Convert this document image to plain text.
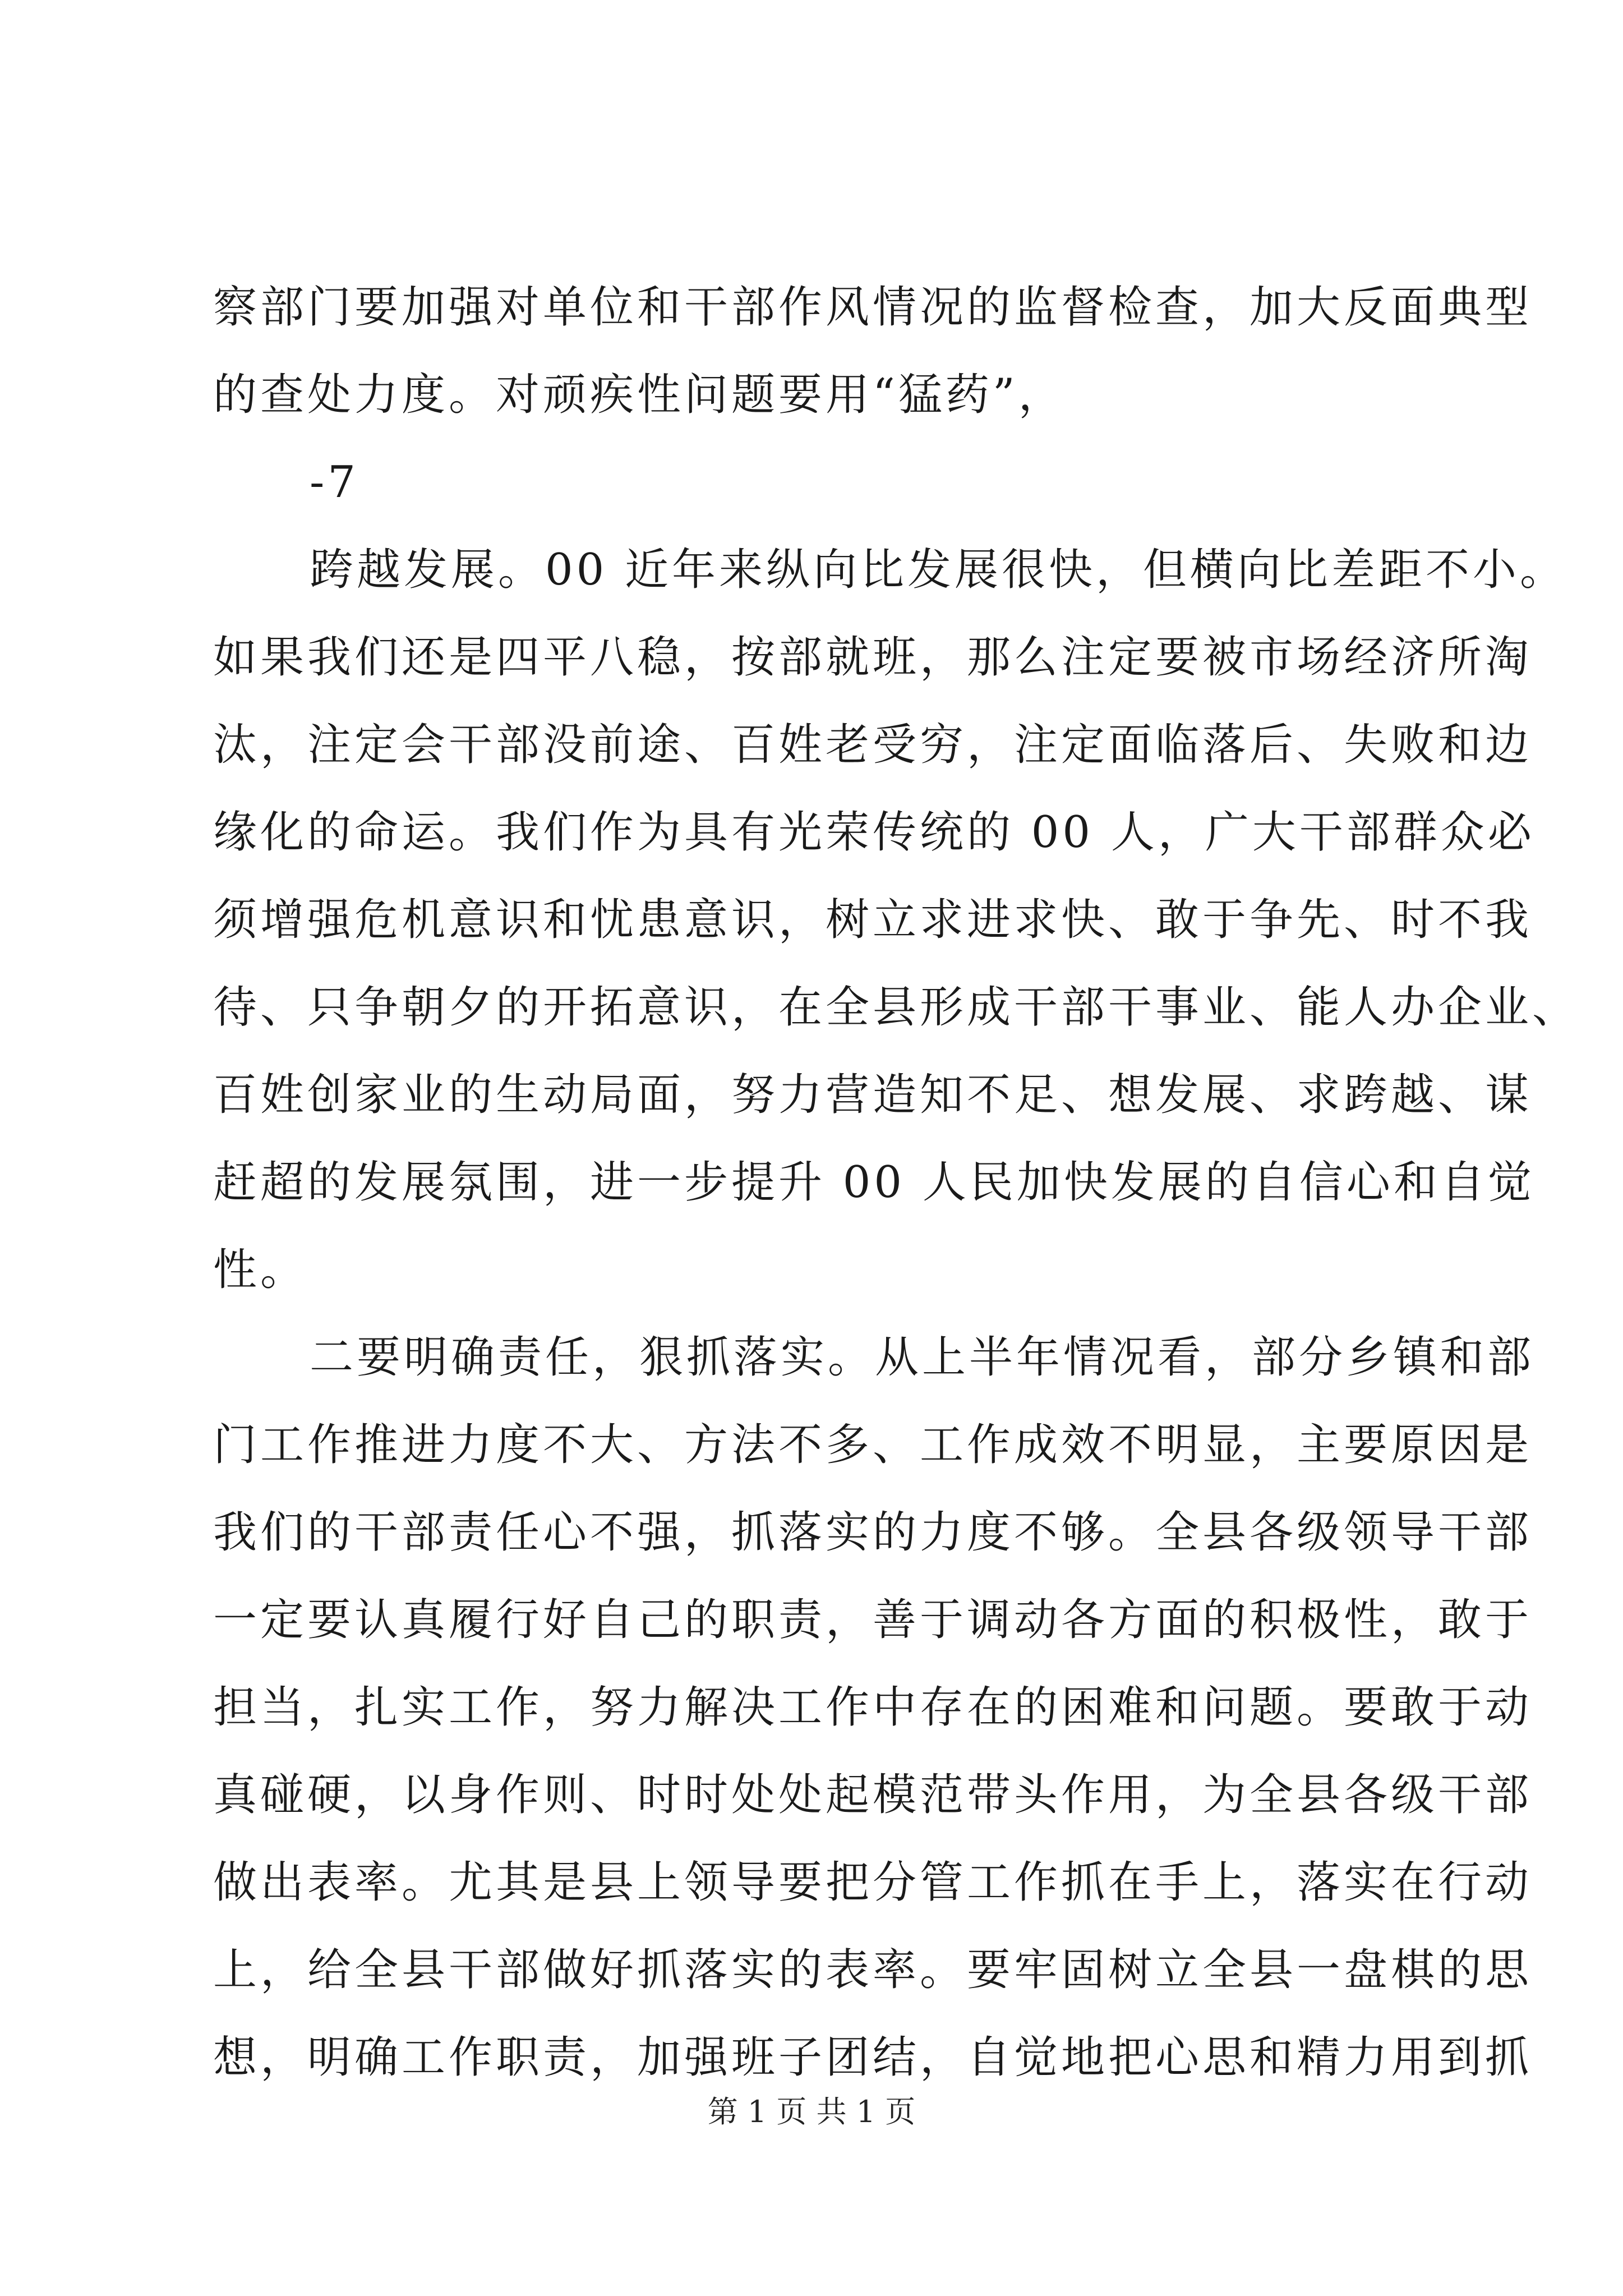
察部门要加强对单位和干部作风情况的监督检查，加大反面典型
的查处力度。对顽疾性问题要用“猛药”，
-7
跨越发展。00 近年来纵向比发展很快，但横向比差距不小。
如果我们还是四平八稳，按部就班，那么注定要被市场经济所淘
汰，注定会干部没前途、百姓老受穷，注定面临落后、失败和边
缘化的命运。我们作为具有光荣传统的 00 人，广大干部群众必
须增强危机意识和忧患意识，树立求进求快、敢于争先、时不我
待、只争朝夕的开拓意识，在全县形成干部干事业、能人办企业、
百姓创家业的生动局面，努力营造知不足、想发展、求跨越、谋
赶超的发展氛围，进一步提升 00 人民加快发展的自信心和自觉
性。
二要明确责任，狠抓落实。从上半年情况看，部分乡镇和部
门工作推进力度不大、方法不多、工作成效不明显，主要原因是
我们的干部责任心不强，抓落实的力度不够。全县各级领导干部
一定要认真履行好自己的职责，善于调动各方面的积极性，敢于
担当，扎实工作，努力解决工作中存在的困难和问题。要敢于动
真碰硬，以身作则、时时处处起模范带头作用，为全县各级干部
做出表率。尤其是县上领导要把分管工作抓在手上，落实在行动
上，给全县干部做好抓落实的表率。要牢固树立全县一盘棋的思
想，明确工作职责，加强班子团结，自觉地把心思和精力用到抓
第 1 页 共 1 页
